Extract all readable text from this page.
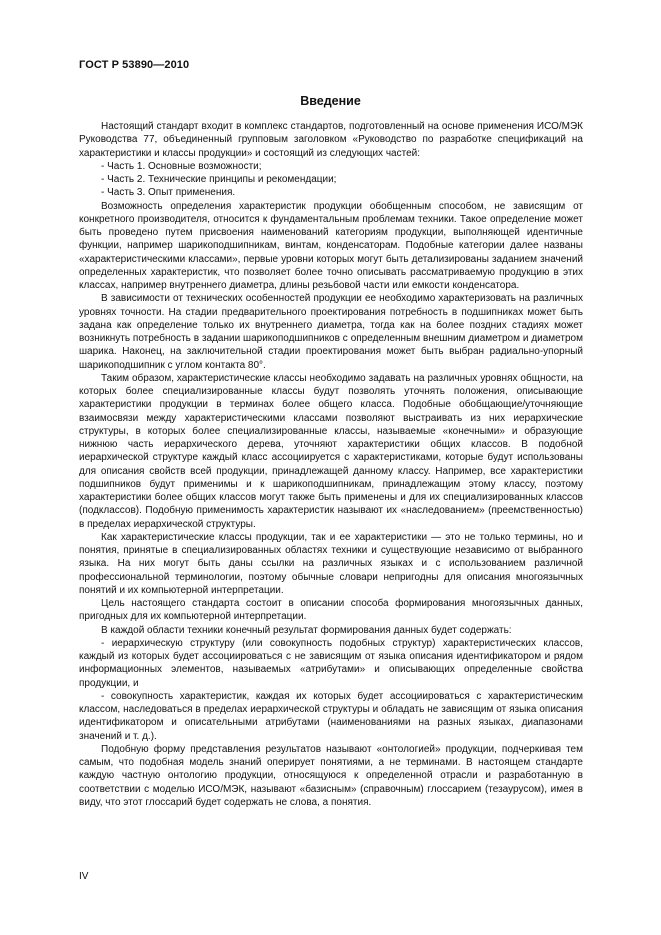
ГОСТ Р 53890—2010
Введение

Настоящий стандарт входит в комплекс стандартов, подготовленный на основе применения ИСО/МЭК Руководства 77, объединенный групповым заголовком «Руководство по разработке спецификаций на характеристики и классы продукции» и состоящий из следующих частей:

- Часть 1. Основные возможности;

- Часть 2. Технические принципы и рекомендации;

- Часть 3. Опыт применения.

Возможность определения характеристик продукции обобщенным способом, не зависящим от конкретного производителя, относится к фундаментальным проблемам техники. Такое определение может быть проведено путем присвоения наименований категориям продукции, выполняющей идентичные функции, например шарикоподшипникам, винтам, конденсаторам. Подобные категории далее названы «характеристическими классами», первые уровни которых могут быть детализированы заданием значений определенных характеристик, что позволяет более точно описывать рассматриваемую продукцию в этих классах, например внутреннего диаметра, длины резьбовой части или емкости конденсатора.

В зависимости от технических особенностей продукции ее необходимо характеризовать на различных уровнях точности. На стадии предварительного проектирования потребность в подшипниках может быть задана как определение только их внутреннего диаметра, тогда как на более поздних стадиях может возникнуть потребность в задании шарикоподшипников с определенным внешним диаметром и диаметром шарика. Наконец, на заключительной стадии проектирования может быть выбран радиально-упорный шарикоподшипник с углом контакта 80°.

Таким образом, характеристические классы необходимо задавать на различных уровнях общности, на которых более специализированные классы будут позволять уточнять положения, описывающие характеристики продукции в терминах более общего класса. Подобные обобщающие/уточняющие взаимосвязи между характеристическими классами позволяют выстраивать из них иерархические структуры, в которых более специализированные классы, называемые «конечными» и образующие нижнюю часть иерархического дерева, уточняют характеристики общих классов. В подобной иерархической структуре каждый класс ассоциируется с характеристиками, которые будут использованы для описания свойств всей продукции, принадлежащей данному классу. Например, все характеристики подшипников будут применимы и к шарикоподшипникам, принадлежащим этому классу, поэтому характеристики более общих классов могут также быть применены и для их специализированных классов (подклассов). Подобную применимость характеристик называют их «наследованием» (преемственностью) в пределах иерархической структуры.

Как характеристические классы продукции, так и ее характеристики — это не только термины, но и понятия, принятые в специализированных областях техники и существующие независимо от выбранного языка. На них могут быть даны ссылки на различных языках и с использованием различной профессиональной терминологии, поэтому обычные словари непригодны для описания многоязычных понятий и их компьютерной интерпретации.

Цель настоящего стандарта состоит в описании способа формирования многоязычных данных, пригодных для их компьютерной интерпретации.

В каждой области техники конечный результат формирования данных будет содержать:

- иерархическую структуру (или совокупность подобных структур) характеристических классов, каждый из которых будет ассоциироваться с не зависящим от языка описания идентификатором и рядом информационных элементов, называемых «атрибутами» и описывающих определенные свойства продукции, и

- совокупность характеристик, каждая их которых будет ассоциироваться с характеристическим классом, наследоваться в пределах иерархической структуры и обладать не зависящим от языка описания идентификатором и описательными атрибутами (наименованиями на разных языках, диапазонами значений и т. д.).

Подобную форму представления результатов называют «онтологией» продукции, подчеркивая тем самым, что подобная модель знаний оперирует понятиями, а не терминами. В настоящем стандарте каждую частную онтологию продукции, относящуюся к определенной отрасли и разработанную в соответствии с моделью ИСО/МЭК, называют «базисным» (справочным) глоссарием (тезаурусом), имея в виду, что этот глоссарий будет содержать не слова, а понятия.

IV
